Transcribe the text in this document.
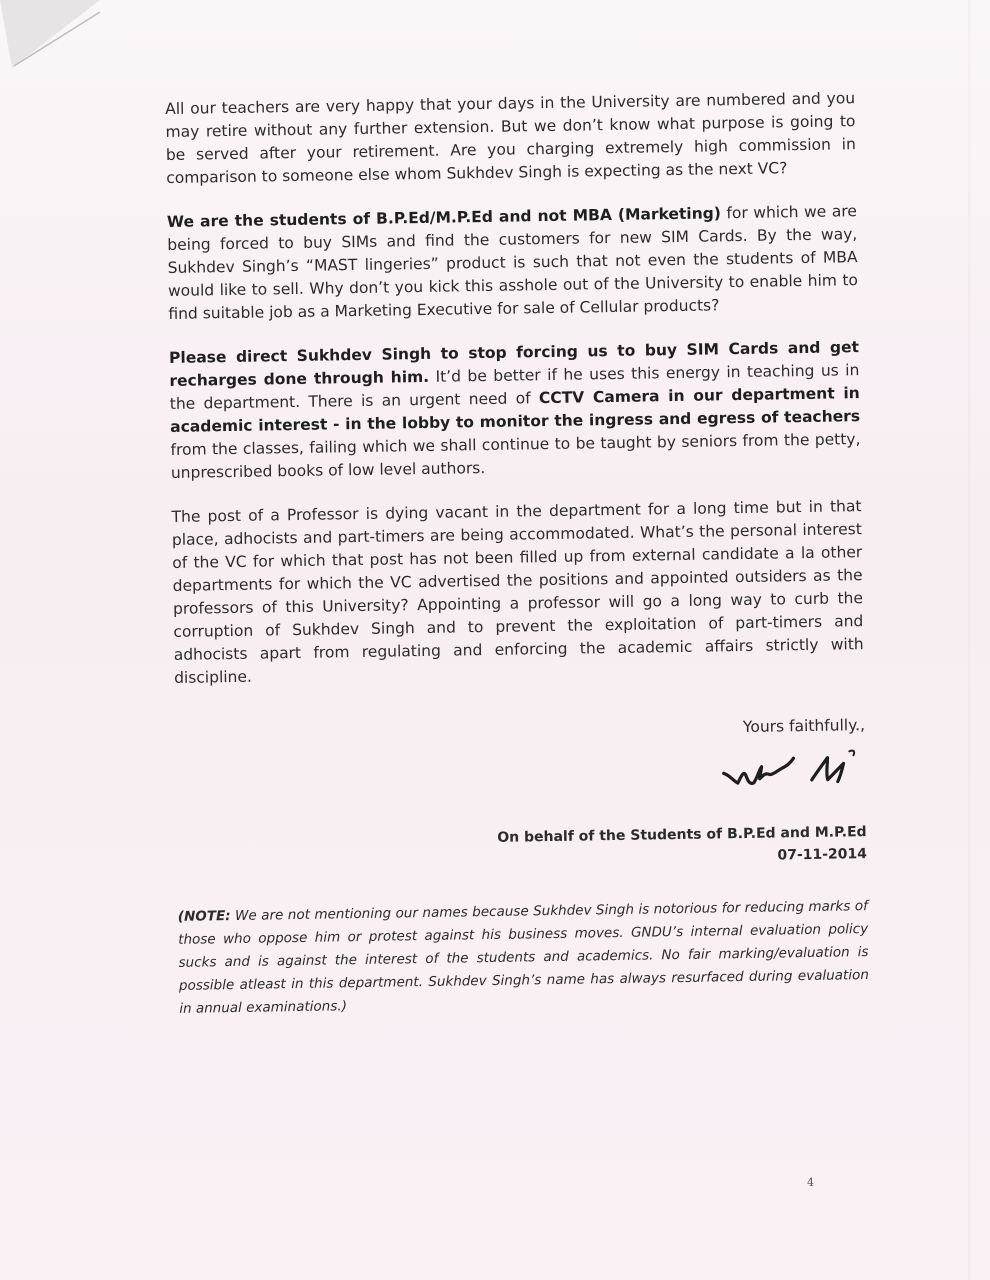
All our teachers are very happy that your days in the University are numbered and you may retire without any further extension. But we don’t know what purpose is going to be served after your retirement. Are you charging extremely high commission in comparison to someone else whom Sukhdev Singh is expecting as the next VC?

We are the students of B.P.Ed/M.P.Ed and not MBA (Marketing) for which we are being forced to buy SIMs and find the customers for new SIM Cards. By the way, Sukhdev Singh’s “MAST lingeries” product is such that not even the students of MBA would like to sell. Why don’t you kick this asshole out of the University to enable him to find suitable job as a Marketing Executive for sale of Cellular products?

Please direct Sukhdev Singh to stop forcing us to buy SIM Cards and get recharges done through him. It’d be better if he uses this energy in teaching us in the department. There is an urgent need of CCTV Camera in our department in academic interest - in the lobby to monitor the ingress and egress of teachers from the classes, failing which we shall continue to be taught by seniors from the petty, unprescribed books of low level authors.

The post of a Professor is dying vacant in the department for a long time but in that place, adhocists and part-timers are being accommodated. What’s the personal interest of the VC for which that post has not been filled up from external candidate a la other departments for which the VC advertised the positions and appointed outsiders as the professors of this University? Appointing a professor will go a long way to curb the corruption of Sukhdev Singh and to prevent the exploitation of part-timers and adhocists apart from regulating and enforcing the academic affairs strictly with discipline.

Yours faithfully.,
On behalf of the Students of B.P.Ed and M.P.Ed
07-11-2014
(NOTE: We are not mentioning our names because Sukhdev Singh is notorious for reducing marks of those who oppose him or protest against his business moves. GNDU’s internal evaluation policy sucks and is against the interest of the students and academics. No fair marking/evaluation is possible atleast in this department. Sukhdev Singh’s name has always resurfaced during evaluation in annual examinations.)
4
